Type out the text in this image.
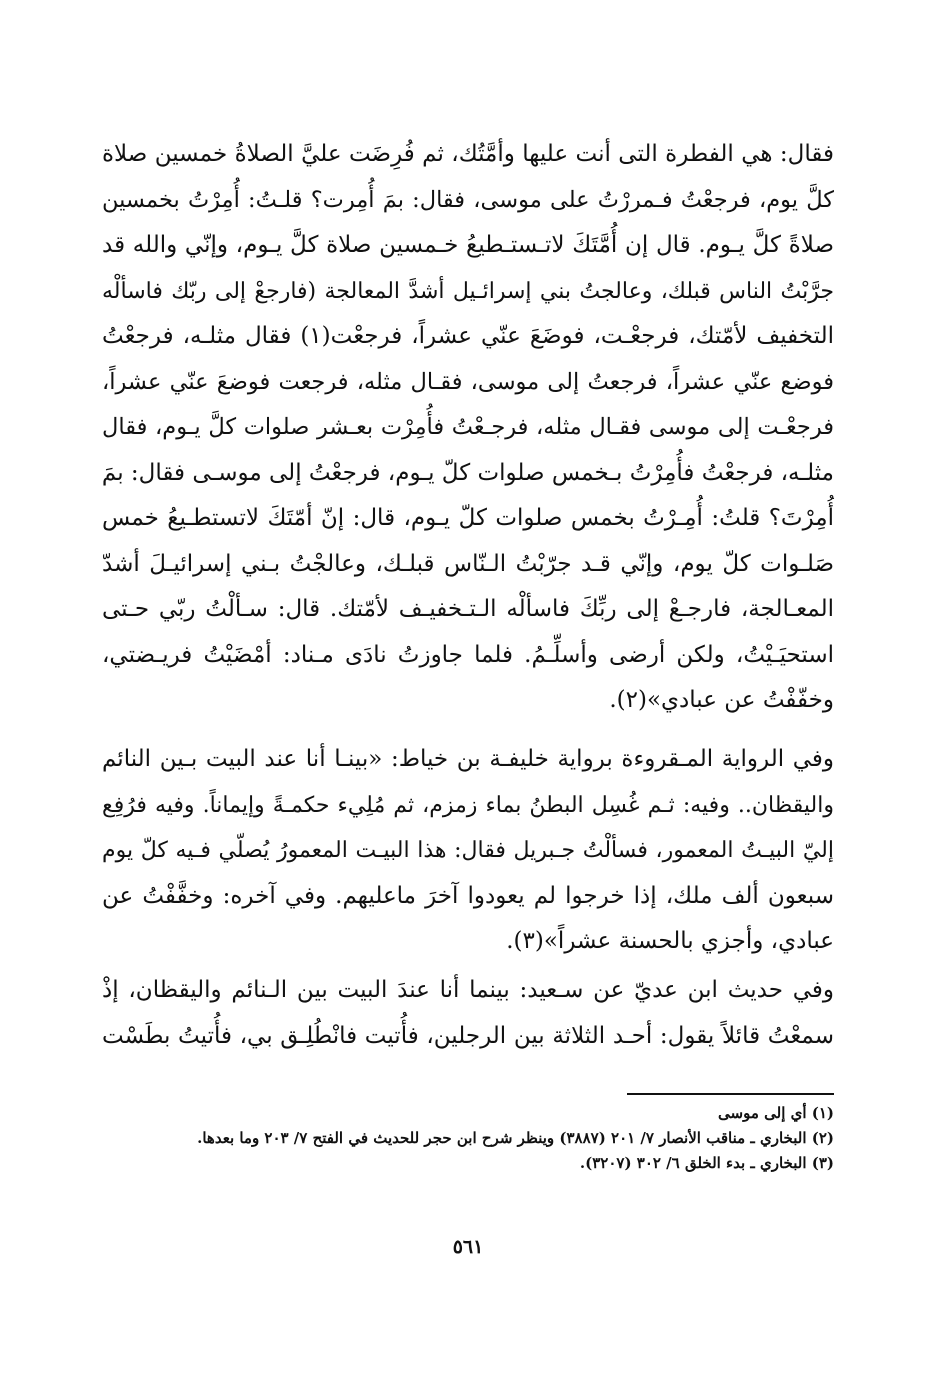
فقال: هي الفطرة التى أنت عليها وأمَّتُك، ثم فُرِضَت عليَّ الصلاةُ خمسين صلاة
كلَّ يوم، فرجعْتُ فـمررْتُ على موسى، فقال: بمَ أُمِرت؟ قلـتُ: أُمِرْتُ بخمسين
صلاةً كلَّ يـوم. قال إن أُمَّتَكَ لاتـستـطيعُ خـمسين صلاة كلَّ يـوم، وإنّي والله قد
جرَّبْتُ الناس قبلك، وعالجتُ بني إسرائـيل أشدَّ المعالجة (فارجعْ إلى ربّك فاسألْه
التخفيف لأمّتك، فرجعْـت، فوضَعَ عنّي عشراً، فرجعْت(١) فقال مثلـه، فرجعْتُ
فوضع عنّي عشراً، فرجعتُ إلى موسى، فقـال مثله، فرجعت فوضعَ عنّي عشراً،
فرجعْـت إلى موسى فقـال مثله، فرجـعْتُ فأُمِرْت بعـشر صلوات كلَّ يـوم، فقال
مثلـه، فرجعْتُ فأُمِرْتُ بـخمس صلوات كلّ يـوم، فرجعْتُ إلى موسـى فقال: بمَ
أُمِرْتَ؟ قلتُ: أُمِـرْتُ بخمس صلوات كلّ يـوم، قال: إنّ أمّتَكَ لاتستطـيعُ خمس
صَلـوات كلّ يوم، وإنّي قـد جرّبْتُ الـنّاس قبلـك، وعالجْتُ بـني إسرائيـلَ أشدّ
المعـالجة، فارجـعْ إلى ربِّكَ فاسألْه الـتـخفيـف لأمّتك. قال: سـألْتُ ربّي حـتى
استحيَـيْتُ، ولكن أرضى وأسلِّـمُ. فلما جاوزتُ نادَى مـناد: أمْضَيْتُ فريـضتي،
وخفّفْتُ عن عبادي»(٢).
وفي الرواية المـقروءة برواية خليفـة بن خياط: «بينـا أنا عند البيت بـين النائم
واليقظان.. وفيه: ثـم غُسِل البطنُ بماء زمزم، ثم مُلِيء حكمـةً وإيماناً. وفيه فرُفِع
إليّ البيـتُ المعمور، فسألْتُ جـبريل فقال: هذا البيـت المعمورُ يُصلّي فـيه كلّ يوم
سبعون ألف ملك، إذا خرجوا لم يعودوا آخرَ ماعليهم. وفي آخره: وخفَّفْتُ عن
عبادي، وأجزي بالحسنة عشراً»(٣).
وفي حديث ابن عديّ عن سـعيد: بينما أنا عندَ البيت بين الـنائم واليقظان، إذْ
سمعْتُ قائلاً يقول: أحـد الثلاثة بين الرجلين، فأُتيت فانْطُلِـق بي، فأُتيتُ بطَسْت
(١) أي إلى موسى
(٢) البخاري ـ مناقب الأنصار ٧/ ٢٠١ (٣٨٨٧) وينظر شرح ابن حجر للحديث في الفتح ٧/ ٢٠٣ وما بعدها.
(٣) البخاري ـ بدء الخلق ٦/ ٣٠٢ (٣٢٠٧).
٥٦١
